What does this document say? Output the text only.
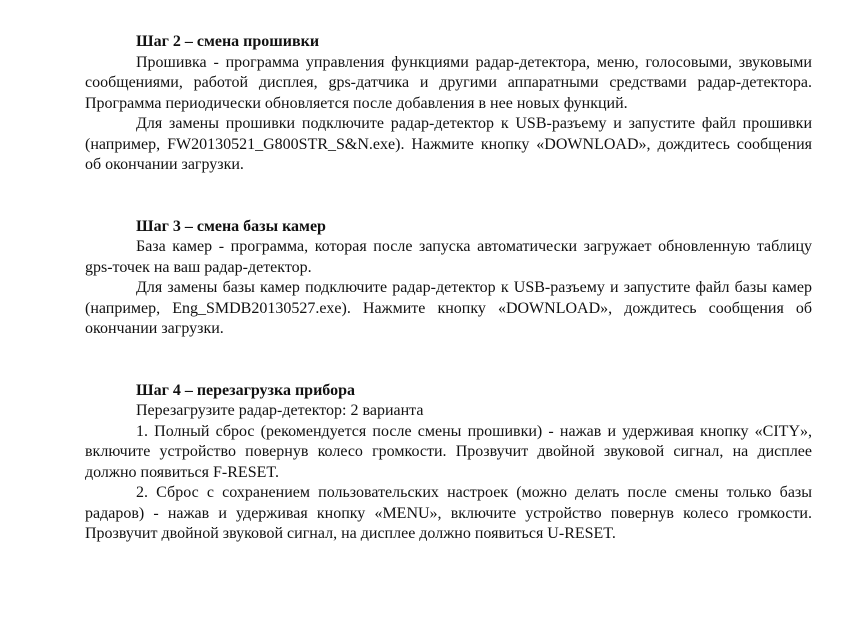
Шаг 2 – смена прошивки

Прошивка - программа управления функциями радар-детектора, меню, голосовыми, звуковыми сообщениями, работой дисплея, gps-датчика и другими аппаратными средствами радар-детектора. Программа периодически обновляется после добавления в нее новых функций.

Для замены прошивки подключите радар-детектор к USB-разъему и запустите файл прошивки (например, FW20130521_G800STR_S&N.exe). Нажмите кнопку «DOWNLOAD», дождитесь сообщения об окончании загрузки.

Шаг 3 – смена базы камер

База камер - программа, которая после запуска автоматически загружает обновленную таблицу gps-точек на ваш радар-детектор.

Для замены базы камер подключите радар-детектор к USB-разъему и запустите файл базы камер (например, Eng_SMDB20130527.exe). Нажмите кнопку «DOWNLOAD», дождитесь сообщения об окончании загрузки.

Шаг 4 – перезагрузка прибора

Перезагрузите радар-детектор: 2 варианта

1. Полный сброс (рекомендуется после смены прошивки) - нажав и удерживая кнопку «CITY», включите устройство повернув колесо громкости. Прозвучит двойной звуковой сигнал, на дисплее должно появиться F-RESET.

2. Сброс с сохранением пользовательских настроек (можно делать после смены только базы радаров) - нажав и удерживая кнопку «MENU», включите устройство повернув колесо громкости. Прозвучит двойной звуковой сигнал, на дисплее должно появиться U-RESET.
